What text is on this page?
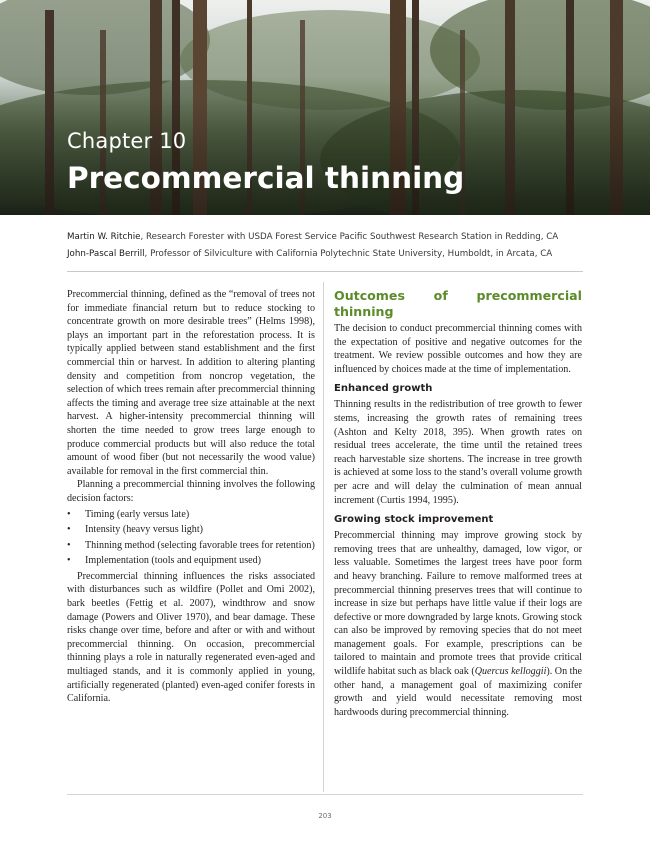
Chapter 10
Precommercial thinning
Martin W. Ritchie, Research Forester with USDA Forest Service Pacific Southwest Research Station in Redding, CA
John-Pascal Berrill, Professor of Silviculture with California Polytechnic State University, Humboldt, in Arcata, CA

Precommercial thinning, defined as the “removal of trees not for immediate financial return but to reduce stocking to concentrate growth on more desirable trees” (Helms 1998), plays an important part in the reforestation process. It is typically applied between stand establishment and the first commercial thin or harvest. In addition to altering planting density and competition from noncrop vegetation, the selection of which trees remain after precommercial thinning affects the timing and average tree size attainable at the next harvest. A higher-intensity precommercial thinning will shorten the time needed to grow trees large enough to produce commercial products but will also reduce the total amount of wood fiber (but not necessarily the wood value) available for removal in the first commercial thin.

Planning a precommercial thinning involves the following decision factors:

• Timing (early versus late)
• Intensity (heavy versus light)
• Thinning method (selecting favorable trees for retention)
• Implementation (tools and equipment used)

Precommercial thinning influences the risks associated with disturbances such as wildfire (Pollet and Omi 2002), bark beetles (Fettig et al. 2007), windthrow and snow damage (Powers and Oliver 1970), and bear damage. These risks change over time, before and after or with and without precommercial thinning. On occasion, precommercial thinning plays a role in naturally regenerated even-aged and multiaged stands, and it is commonly applied in young, artificially regenerated (planted) even-aged conifer forests in California.

Outcomes of precommercial thinning

The decision to conduct precommercial thinning comes with the expectation of positive and negative outcomes for the treatment. We review possible outcomes and how they are influenced by choices made at the time of implementation.

Enhanced growth

Thinning results in the redistribution of tree growth to fewer stems, increasing the growth rates of remaining trees (Ashton and Kelty 2018, 395). When growth rates on residual trees accelerate, the time until the retained trees reach harvestable size shortens. The increase in tree growth is achieved at some loss to the stand’s overall volume growth per acre and will delay the culmination of mean annual increment (Curtis 1994, 1995).

Growing stock improvement

Precommercial thinning may improve growing stock by removing trees that are unhealthy, damaged, low vigor, or less valuable. Sometimes the largest trees have poor form and heavy branching. Failure to remove malformed trees at precommercial thinning preserves trees that will continue to increase in size but perhaps have little value if their logs are defective or more downgraded by large knots. Growing stock can also be improved by removing species that do not meet management goals. For example, prescriptions can be tailored to maintain and promote trees that provide critical wildlife habitat such as black oak (Quercus kelloggii). On the other hand, a management goal of maximizing conifer growth and yield would necessitate removing most hardwoods during precommercial thinning.

203
